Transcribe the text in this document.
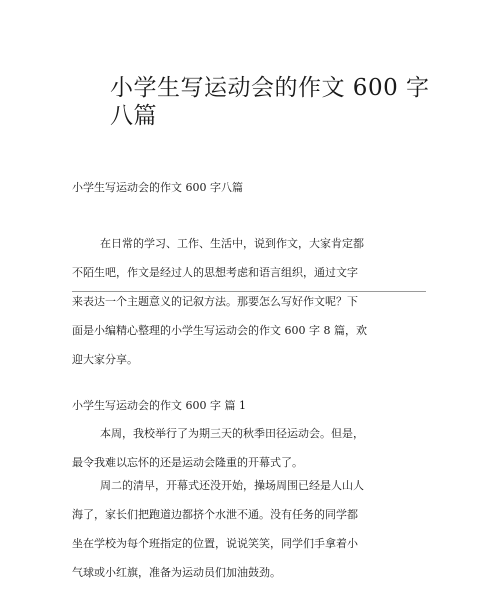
小学生写运动会的作文 600 字八篇

小学生写运动会的作文 600 字八篇

在日常的学习、工作、生活中，说到作文，大家肯定都
不陌生吧，作文是经过人的思想考虑和语言组织，通过文字
来表达一个主题意义的记叙方法。那要怎么写好作文呢？下
面是小编精心整理的小学生写运动会的作文 600 字 8 篇，欢
迎大家分享。

小学生写运动会的作文 600 字 篇 1

本周，我校举行了为期三天的秋季田径运动会。但是，
最令我难以忘怀的还是运动会隆重的开幕式了。
周二的清早，开幕式还没开始，操场周围已经是人山人
海了，家长们把跑道边都挤个水泄不通。没有任务的同学都
坐在学校为每个班指定的位置，说说笑笑，同学们手拿着小
气球或小红旗，准备为运动员们加油鼓劲。
